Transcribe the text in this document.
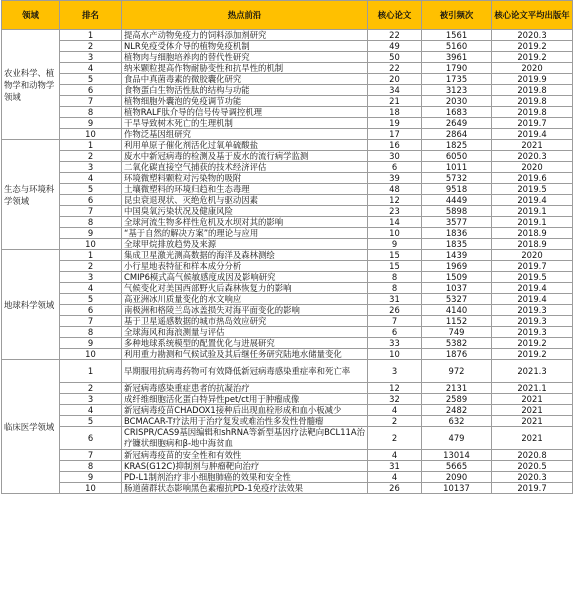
领域	排名	热点前沿	核心论文	被引频次	核心论文平均出版年
农业科学、植物学和动物学领域	1	提高水产动物免疫力的饲料添加剂研究	22	1561	2020.3
	2	NLR免疫受体介导的植物免疫机制	49	5160	2019.2
	3	植物肉与细胞培养肉的替代性研究	50	3961	2019.2
	4	纳米颗粒提高作物耐胁变性和抗旱性的机制	22	1790	2020
	5	食品中真菌毒素的微胶囊化研究	20	1735	2019.9
	6	食物蛋白生物活性肽的结构与功能	34	3123	2019.8
	7	植物细胞外囊泡的免疫调节功能	21	2030	2019.8
	8	植物RALF肽介导的信号传导调控机理	18	1683	2019.8
	9	干旱导致树木死亡的生理机制	19	2649	2019.7
	10	作物泛基因组研究	17	2864	2019.4
生态与环境科学领域	1	利用单原子催化剂活化过氧单硫酸盐	16	1825	2021
	2	废水中新冠病毒的检测及基于废水的流行病学监测	30	6050	2020.3
	3	二氧化碳直接空气捕获的技术经济评估	6	1011	2020
	4	环境微塑料颗粒对污染物的吸附	39	5732	2019.6
	5	土壤微塑料的环境归趋和生态毒理	48	9518	2019.5
	6	昆虫衰退现状、灭绝危机与驱动因素	12	4449	2019.4
	7	中国臭氧污染状况及健康风险	23	5898	2019.1
	8	全球河流生物多样性危机及水坝对其的影响	14	3577	2019.1
	9	“基于自然的解决方案”的理论与应用	10	1836	2018.9
	10	全球甲烷排放趋势及来源	9	1835	2018.9
地球科学领域	1	集成卫星激光测高数据的海洋及森林测绘	15	1439	2020
	2	小行星地表特征和样本成分分析	15	1969	2019.7
	3	CMIP6模式高气候敏感度成因及影响研究	8	1509	2019.5
	4	气候变化对美国西部野火后森林恢复力的影响	8	1037	2019.4
	5	高亚洲冰川质量变化的水文响应	31	5327	2019.4
	6	南极洲和格陵兰岛冰盖损失对海平面变化的影响	26	4140	2019.3
	7	基于卫星遥感数据的城市热岛效应研究	7	1152	2019.3
	8	全球海风和海浪测量与评估	6	749	2019.3
	9	多种地球系统模型的配置优化与进展研究	33	5382	2019.2
	10	利用重力勘测和气候试验及其后继任务研究陆地水储量变化	10	1876	2019.2
临床医学领域	1	早期服用抗病毒药物可有效降低新冠病毒感染重症率和死亡率	3	972	2021.3
	2	新冠病毒感染重症患者的抗凝治疗	12	2131	2021.1
	3	成纤维细胞活化蛋白特异性pet/ct用于肿瘤成像	32	2589	2021
	4	新冠病毒疫苗CHADOX1接种后出现血栓形成和血小板减少	4	2482	2021
	5	BCMACAR-T疗法用于治疗复发或难治性多发性骨髓瘤	2	632	2021
	6	CRISPR/CAS9基因编辑和shRNA等新型基因疗法靶向BCL11A治疗镰状细胞病和β-地中海贫血	2	479	2021
	7	新冠病毒疫苗的安全性和有效性	4	13014	2020.8
	8	KRAS(G12C)抑制剂与肿瘤靶向治疗	31	5665	2020.5
	9	PD-L1制剂治疗非小细胞肺癌的效果和安全性	4	2090	2020.3
	10	肠道菌群状态影响黑色素瘤抗PD-1免疫疗法效果	26	10137	2019.7
